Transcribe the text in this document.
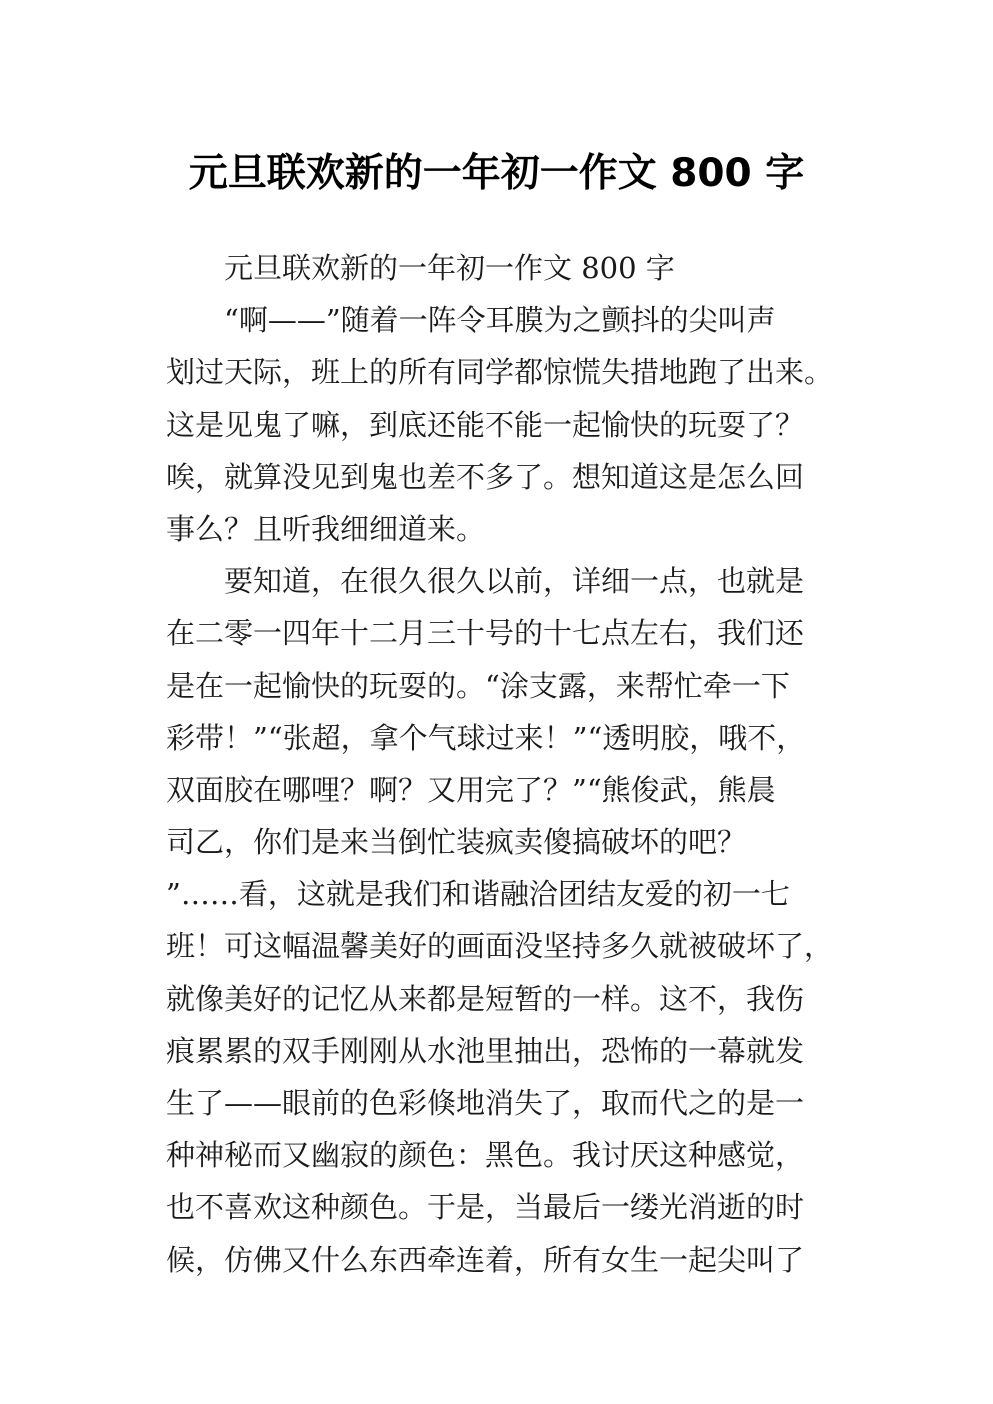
元旦联欢新的一年初一作文 800 字
元旦联欢新的一年初一作文 800 字
“啊——”随着一阵令耳膜为之颤抖的尖叫声
划过天际，班上的所有同学都惊慌失措地跑了出来。
这是见鬼了嘛，到底还能不能一起愉快的玩耍了？
唉，就算没见到鬼也差不多了。想知道这是怎么回
事么？且听我细细道来。
要知道，在很久很久以前，详细一点，也就是
在二零一四年十二月三十号的十七点左右，我们还
是在一起愉快的玩耍的。“涂支露，来帮忙牵一下
彩带！”“张超，拿个气球过来！”“透明胶，哦不，
双面胶在哪哩？啊？又用完了？”“熊俊武，熊晨
司乙，你们是来当倒忙装疯卖傻搞破坏的吧？
”……看，这就是我们和谐融洽团结友爱的初一七
班！可这幅温馨美好的画面没坚持多久就被破坏了，
就像美好的记忆从来都是短暂的一样。这不，我伤
痕累累的双手刚刚从水池里抽出，恐怖的一幕就发
生了——眼前的色彩倏地消失了，取而代之的是一
种神秘而又幽寂的颜色：黑色。我讨厌这种感觉，
也不喜欢这种颜色。于是，当最后一缕光消逝的时
候，仿佛又什么东西牵连着，所有女生一起尖叫了
